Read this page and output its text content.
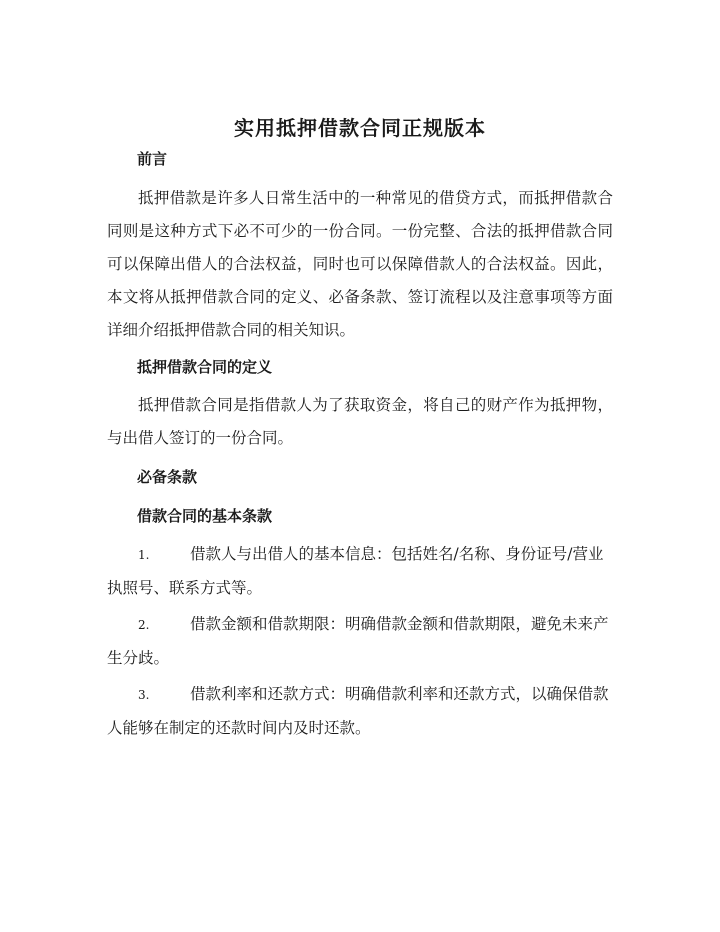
实用抵押借款合同正规版本
前言
抵押借款是许多人日常生活中的一种常见的借贷方式，而抵押借款合同则是这种方式下必不可少的一份合同。一份完整、合法的抵押借款合同可以保障出借人的合法权益，同时也可以保障借款人的合法权益。因此，本文将从抵押借款合同的定义、必备条款、签订流程以及注意事项等方面详细介绍抵押借款合同的相关知识。
抵押借款合同的定义
抵押借款合同是指借款人为了获取资金，将自己的财产作为抵押物，与出借人签订的一份合同。
必备条款
借款合同的基本条款
1.	借款人与出借人的基本信息：包括姓名/名称、身份证号/营业执照号、联系方式等。
2.	借款金额和借款期限：明确借款金额和借款期限，避免未来产生分歧。
3.	借款利率和还款方式：明确借款利率和还款方式，以确保借款人能够在制定的还款时间内及时还款。
